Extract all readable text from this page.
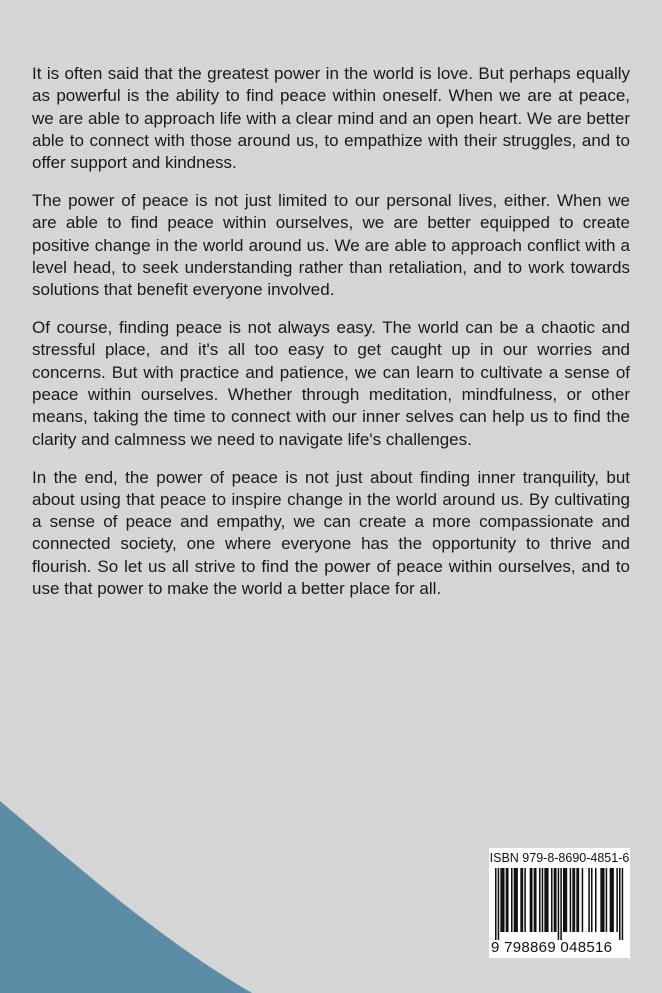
It is often said that the greatest power in the world is love. But perhaps equally as powerful is the ability to find peace within oneself. When we are at peace, we are able to approach life with a clear mind and an open heart. We are better able to connect with those around us, to empathize with their struggles, and to offer support and kindness.

The power of peace is not just limited to our personal lives, either. When we are able to find peace within ourselves, we are better equipped to create positive change in the world around us. We are able to approach conflict with a level head, to seek understanding rather than retaliation, and to work towards solutions that benefit everyone involved.

Of course, finding peace is not always easy. The world can be a chaotic and stressful place, and it's all too easy to get caught up in our worries and concerns. But with practice and patience, we can learn to cultivate a sense of peace within ourselves. Whether through meditation, mindfulness, or other means, taking the time to connect with our inner selves can help us to find the clarity and calmness we need to navigate life's challenges.

In the end, the power of peace is not just about finding inner tranquility, but about using that peace to inspire change in the world around us. By cultivating a sense of peace and empathy, we can create a more compassionate and connected society, one where everyone has the opportunity to thrive and flourish. So let us all strive to find the power of peace within ourselves, and to use that power to make the world a better place for all.

ISBN 979-8-8690-4851-6
9 798869 048516
